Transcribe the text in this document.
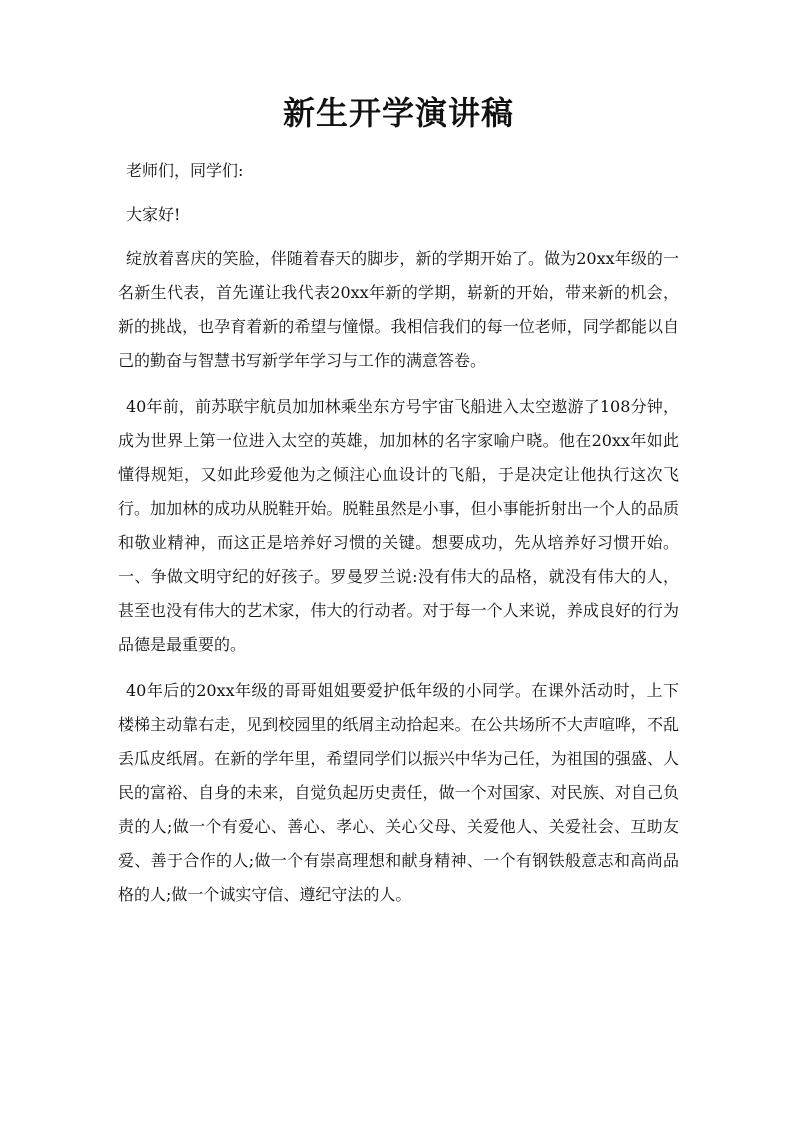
新生开学演讲稿

老师们，同学们:

大家好!

绽放着喜庆的笑脸，伴随着春天的脚步，新的学期开始了。做为20xx年级的一名新生代表，首先谨让我代表20xx年新的学期，崭新的开始，带来新的机会，新的挑战，也孕育着新的希望与憧憬。我相信我们的每一位老师，同学都能以自己的勤奋与智慧书写新学年学习与工作的满意答卷。

40年前，前苏联宇航员加加林乘坐东方号宇宙飞船进入太空遨游了108分钟，成为世界上第一位进入太空的英雄，加加林的名字家喻户晓。他在20xx年如此懂得规矩，又如此珍爱他为之倾注心血设计的飞船，于是决定让他执行这次飞行。加加林的成功从脱鞋开始。脱鞋虽然是小事，但小事能折射出一个人的品质和敬业精神，而这正是培养好习惯的关键。想要成功，先从培养好习惯开始。一、争做文明守纪的好孩子。罗曼罗兰说:没有伟大的品格，就没有伟大的人，甚至也没有伟大的艺术家，伟大的行动者。对于每一个人来说，养成良好的行为品德是最重要的。

40年后的20xx年级的哥哥姐姐要爱护低年级的小同学。在课外活动时，上下楼梯主动靠右走，见到校园里的纸屑主动拾起来。在公共场所不大声喧哗，不乱丢瓜皮纸屑。在新的学年里，希望同学们以振兴中华为己任，为祖国的强盛、人民的富裕、自身的未来，自觉负起历史责任，做一个对国家、对民族、对自己负责的人;做一个有爱心、善心、孝心、关心父母、关爱他人、关爱社会、互助友爱、善于合作的人;做一个有崇高理想和献身精神、一个有钢铁般意志和高尚品格的人;做一个诚实守信、遵纪守法的人。
